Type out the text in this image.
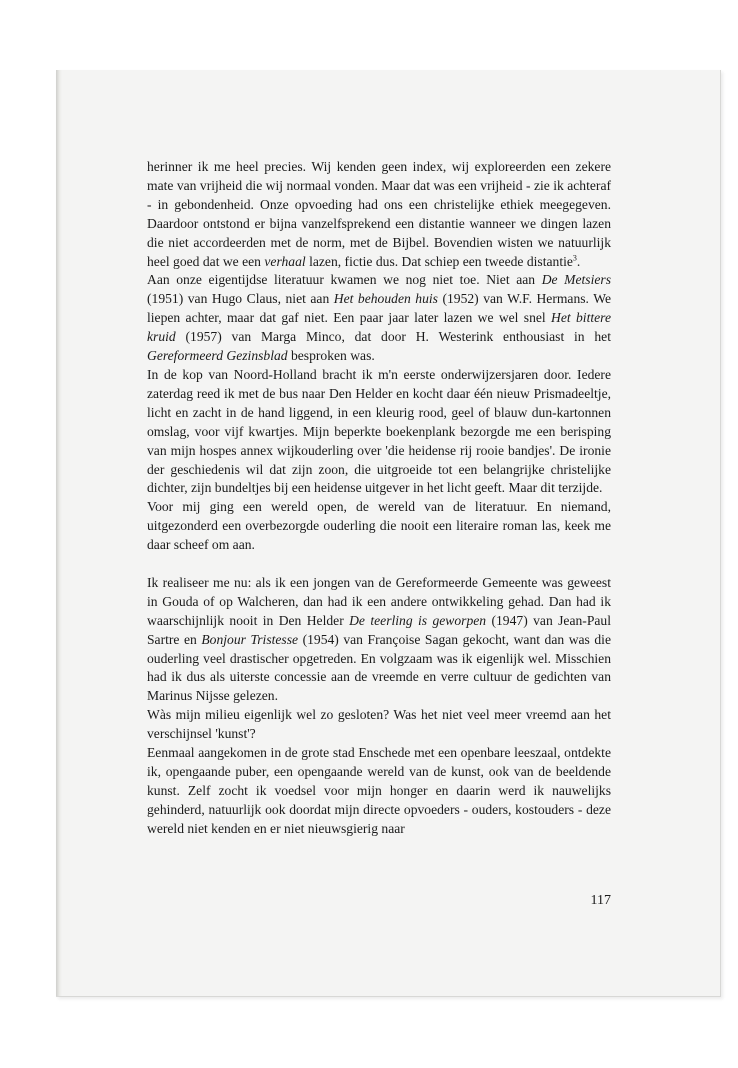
herinner ik me heel precies. Wij kenden geen index, wij exploreerden een zekere mate van vrijheid die wij normaal vonden. Maar dat was een vrijheid - zie ik achteraf - in gebondenheid. Onze opvoeding had ons een christelijke ethiek meegegeven. Daardoor ontstond er bijna vanzelfsprekend een distantie wanneer we dingen lazen die niet accordeerden met de norm, met de Bijbel. Bovendien wisten we natuurlijk heel goed dat we een verhaal lazen, fictie dus. Dat schiep een tweede distantie$^3$.

Aan onze eigentijdse literatuur kwamen we nog niet toe. Niet aan De Metsiers (1951) van Hugo Claus, niet aan Het behouden huis (1952) van W.F. Hermans. We liepen achter, maar dat gaf niet. Een paar jaar later lazen we wel snel Het bittere kruid (1957) van Marga Minco, dat door H. Westerink enthousiast in het Gereformeerd Gezinsblad besproken was.

In de kop van Noord-Holland bracht ik m'n eerste onderwijzersjaren door. Iedere zaterdag reed ik met de bus naar Den Helder en kocht daar één nieuw Prismadeeltje, licht en zacht in de hand liggend, in een kleurig rood, geel of blauw dun-kartonnen omslag, voor vijf kwartjes. Mijn beperkte boekenplank bezorgde me een berisping van mijn hospes annex wijkouderling over 'die heidense rij rooie bandjes'. De ironie der geschiedenis wil dat zijn zoon, die uitgroeide tot een belangrijke christelijke dichter, zijn bundeltjes bij een heidense uitgever in het licht geeft. Maar dit terzijde.

Voor mij ging een wereld open, de wereld van de literatuur. En niemand, uitgezonderd een overbezorgde ouderling die nooit een literaire roman las, keek me daar scheef om aan.

Ik realiseer me nu: als ik een jongen van de Gereformeerde Gemeente was geweest in Gouda of op Walcheren, dan had ik een andere ontwikkeling gehad. Dan had ik waarschijnlijk nooit in Den Helder De teerling is geworpen (1947) van Jean-Paul Sartre en Bonjour Tristesse (1954) van Françoise Sagan gekocht, want dan was die ouderling veel drastischer opgetreden. En volgzaam was ik eigenlijk wel. Misschien had ik dus als uiterste concessie aan de vreemde en verre cultuur de gedichten van Marinus Nijsse gelezen.

Wàs mijn milieu eigenlijk wel zo gesloten? Was het niet veel meer vreemd aan het verschijnsel 'kunst'?

Eenmaal aangekomen in de grote stad Enschede met een openbare leeszaal, ontdekte ik, opengaande puber, een opengaande wereld van de kunst, ook van de beeldende kunst. Zelf zocht ik voedsel voor mijn honger en daarin werd ik nauwelijks gehinderd, natuurlijk ook doordat mijn directe opvoeders - ouders, kostouders - deze wereld niet kenden en er niet nieuwsgierig naar

117
